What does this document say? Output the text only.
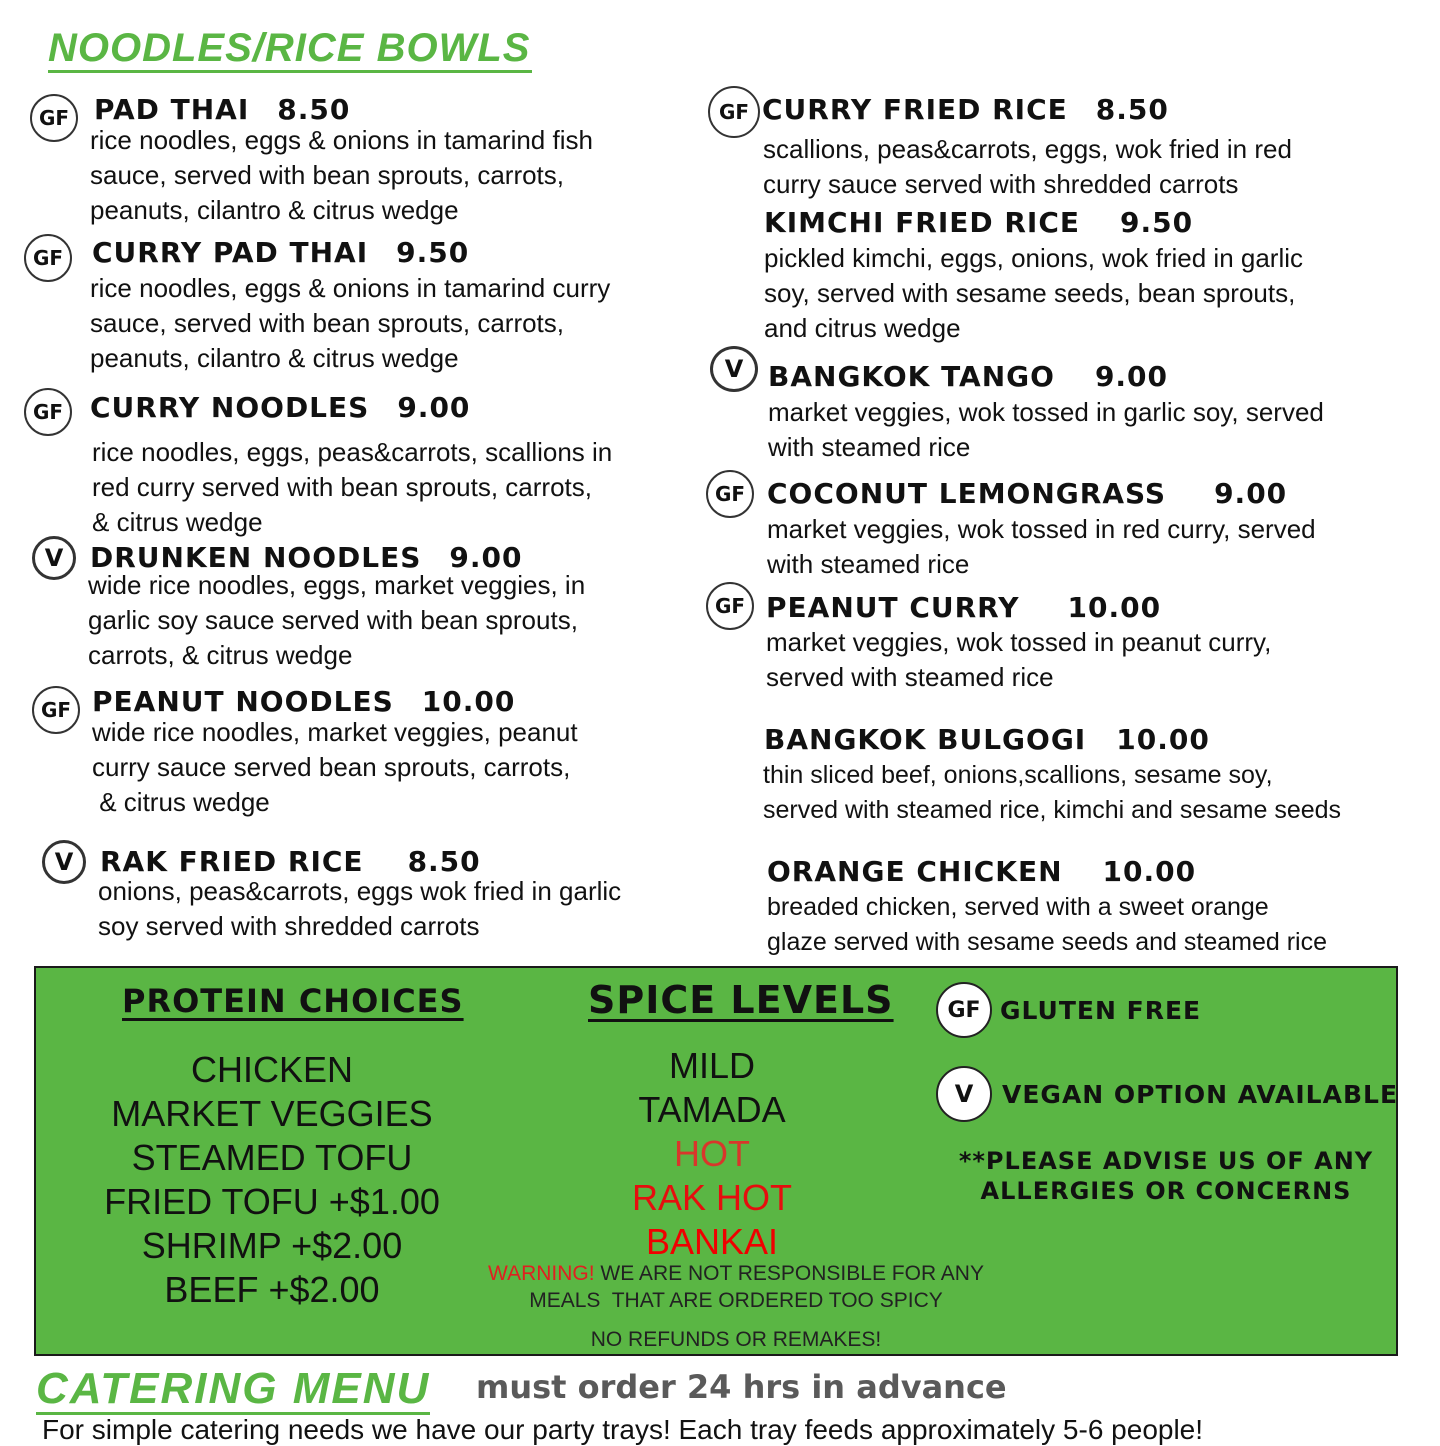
NOODLES/RICE BOWLS
GF PAD THAI 8.50
rice noodles, eggs & onions in tamarind fish
sauce, served with bean sprouts, carrots,
peanuts, cilantro & citrus wedge
GF	CURRY PAD THAI 9.50
rice noodles, eggs & onions in tamarind curry
sauce, served with bean sprouts, carrots,
peanuts, cilantro & citrus wedge
GF CURRY NOODLES 9.00
rice noodles, eggs, peas&carrots, scallions in
red curry served with bean sprouts, carrots,
& citrus wedge
V DRUNKEN NOODLES 9.00
wide rice noodles, eggs, market veggies, in
garlic soy sauce served with bean sprouts,
carrots, & citrus wedge
GF PEANUT NOODLES 10.00
wide rice noodles, market veggies, peanut
curry sauce served bean sprouts, carrots,
& citrus wedge
V RAK FRIED RICE 8.50
onions, peas&carrots, eggs wok fried in garlic
soy served with shredded carrots
GF CURRY FRIED RICE 8.50
scallions, peas&carrots, eggs, wok fried in red
curry sauce served with shredded carrots
KIMCHI FRIED RICE 9.50
pickled kimchi, eggs, onions, wok fried in garlic
soy, served with sesame seeds, bean sprouts,
and citrus wedge
V BANGKOK TANGO 9.00
market veggies, wok tossed in garlic soy, served
with steamed rice
GF COCONUT LEMONGRASS 9.00
market veggies, wok tossed in red curry, served
with steamed rice
GF PEANUT CURRY 10.00
market veggies, wok tossed in peanut curry,
served with steamed rice
BANGKOK BULGOGI 10.00
thin sliced beef, onions,scallions, sesame soy,
served with steamed rice, kimchi and sesame seeds
ORANGE CHICKEN 10.00
breaded chicken, served with a sweet orange
glaze served with sesame seeds and steamed rice
PROTEIN CHOICES
CHICKEN
MARKET VEGGIES
STEAMED TOFU
FRIED TOFU +$1.00
SHRIMP +$2.00
BEEF +$2.00
SPICE LEVELS
MILD
TAMADA
HOT
RAK HOT
BANKAI
WARNING! WE ARE NOT RESPONSIBLE FOR ANY
MEALS  THAT ARE ORDERED TOO SPICY
NO REFUNDS OR REMAKES!
GF GLUTEN FREE
V	VEGAN OPTION AVAILABLE
**PLEASE ADVISE US OF ANY
ALLERGIES OR CONCERNS
CATERING MENU must order 24 hrs in advance
For simple catering needs we have our party trays! Each tray feeds approximately 5-6 people!
